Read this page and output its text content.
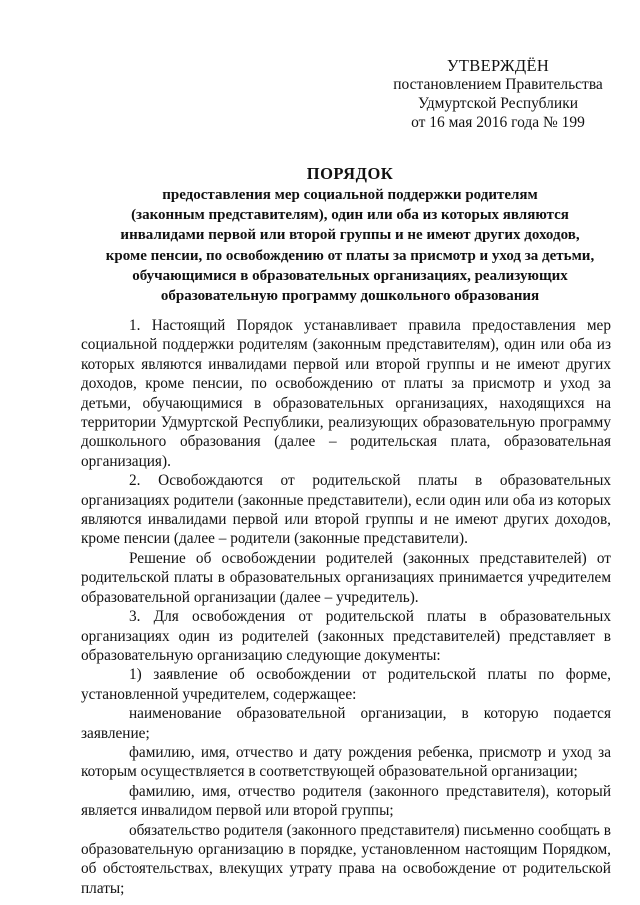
УТВЕРЖДЁН
постановлением Правительства
Удмуртской Республики
от 16 мая 2016 года № 199
ПОРЯДОК
предоставления мер социальной поддержки родителям
(законным представителям), один или оба из которых являются
инвалидами первой или второй группы и не имеют других доходов,
кроме пенсии, по освобождению от платы за присмотр и уход за детьми,
обучающимися в образовательных организациях, реализующих
образовательную программу дошкольного образования

1. Настоящий Порядок устанавливает правила предоставления мер социальной поддержки родителям (законным представителям), один или оба из которых являются инвалидами первой или второй группы и не имеют других доходов, кроме пенсии, по освобождению от платы за присмотр и уход за детьми, обучающимися в образовательных организациях, находящихся на территории Удмуртской Республики, реализующих образовательную программу дошкольного образования (далее – родительская плата, образовательная организация).

2. Освобождаются от родительской платы в образовательных организациях родители (законные представители), если один или оба из которых являются инвалидами первой или второй группы и не имеют других доходов, кроме пенсии (далее – родители (законные представители).

Решение об освобождении родителей (законных представителей) от родительской платы в образовательных организациях принимается учредителем образовательной организации (далее – учредитель).

3. Для освобождения от родительской платы в образовательных организациях один из родителей (законных представителей) представляет в образовательную организацию следующие документы:

1) заявление об освобождении от родительской платы по форме, установленной учредителем, содержащее:

наименование образовательной организации, в которую подается заявление;

фамилию, имя, отчество и дату рождения ребенка, присмотр и уход за которым осуществляется в соответствующей образовательной организации;

фамилию, имя, отчество родителя (законного представителя), который является инвалидом первой или второй группы;

обязательство родителя (законного представителя) письменно сообщать в образовательную организацию в порядке, установленном настоящим Порядком, об обстоятельствах, влекущих утрату права на освобождение от родительской платы;
